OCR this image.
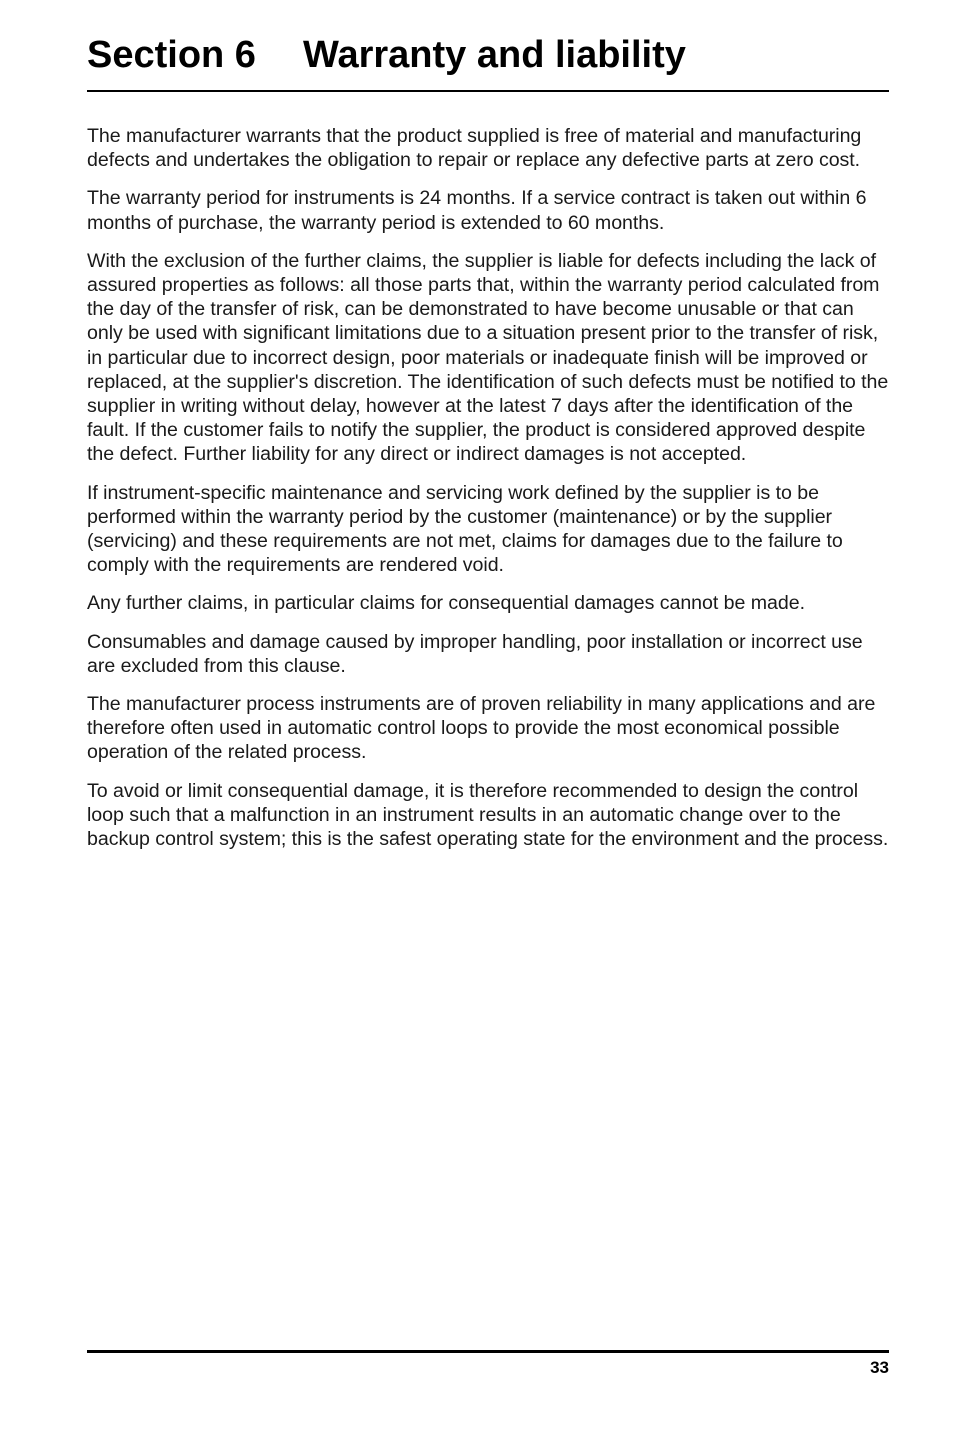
Section 6 Warranty and liability

The manufacturer warrants that the product supplied is free of material and manufacturing defects and undertakes the obligation to repair or replace any defective parts at zero cost.

The warranty period for instruments is 24 months. If a service contract is taken out within 6 months of purchase, the warranty period is extended to 60 months.

With the exclusion of the further claims, the supplier is liable for defects including the lack of assured properties as follows: all those parts that, within the warranty period calculated from the day of the transfer of risk, can be demonstrated to have become unusable or that can only be used with significant limitations due to a situation present prior to the transfer of risk, in particular due to incorrect design, poor materials or inadequate finish will be improved or replaced, at the supplier's discretion. The identification of such defects must be notified to the supplier in writing without delay, however at the latest 7 days after the identification of the fault. If the customer fails to notify the supplier, the product is considered approved despite the defect. Further liability for any direct or indirect damages is not accepted.

If instrument-specific maintenance and servicing work defined by the supplier is to be performed within the warranty period by the customer (maintenance) or by the supplier (servicing) and these requirements are not met, claims for damages due to the failure to comply with the requirements are rendered void.

Any further claims, in particular claims for consequential damages cannot be made.

Consumables and damage caused by improper handling, poor installation or incorrect use are excluded from this clause.

The manufacturer process instruments are of proven reliability in many applications and are therefore often used in automatic control loops to provide the most economical possible operation of the related process.

To avoid or limit consequential damage, it is therefore recommended to design the control loop such that a malfunction in an instrument results in an automatic change over to the backup control system; this is the safest operating state for the environment and the process.

33
